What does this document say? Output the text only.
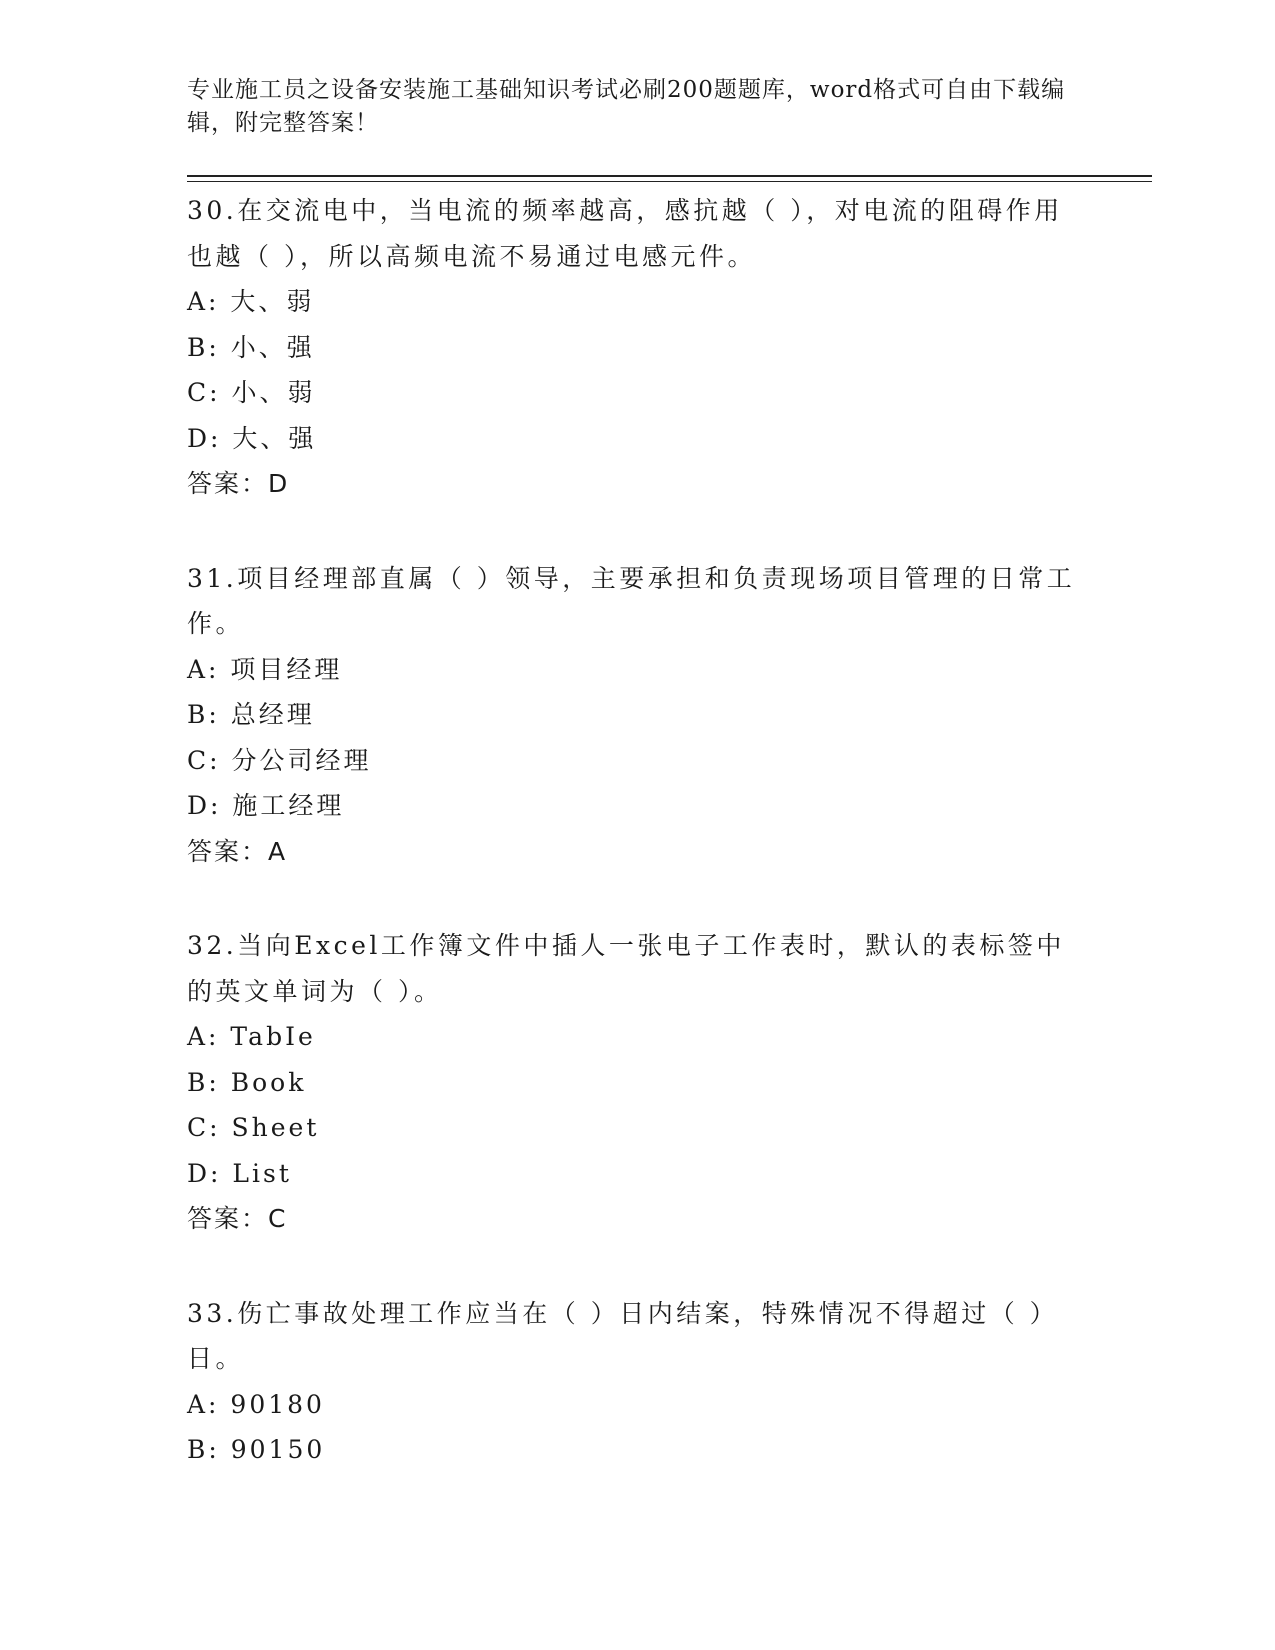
专业施工员之设备安装施工基础知识考试必刷200题题库，word格式可自由下载编辑，附完整答案！
30.在交流电中，当电流的频率越高，感抗越（ ），对电流的阻碍作用也越（ ），所以高频电流不易通过电感元件。
A: 大、弱
B: 小、强
C: 小、弱
D: 大、强
答案：D
31.项目经理部直属（ ）领导，主要承担和负责现场项目管理的日常工作。
A: 项目经理
B: 总经理
C: 分公司经理
D: 施工经理
答案：A
32.当向Excel工作簿文件中插人一张电子工作表时，默认的表标签中的英文单词为（ ）。
A: TabIe
B: Book
C: Sheet
D: List
答案：C
33.伤亡事故处理工作应当在（ ）日内结案，特殊情况不得超过（ ）日。
A: 90180
B: 90150
